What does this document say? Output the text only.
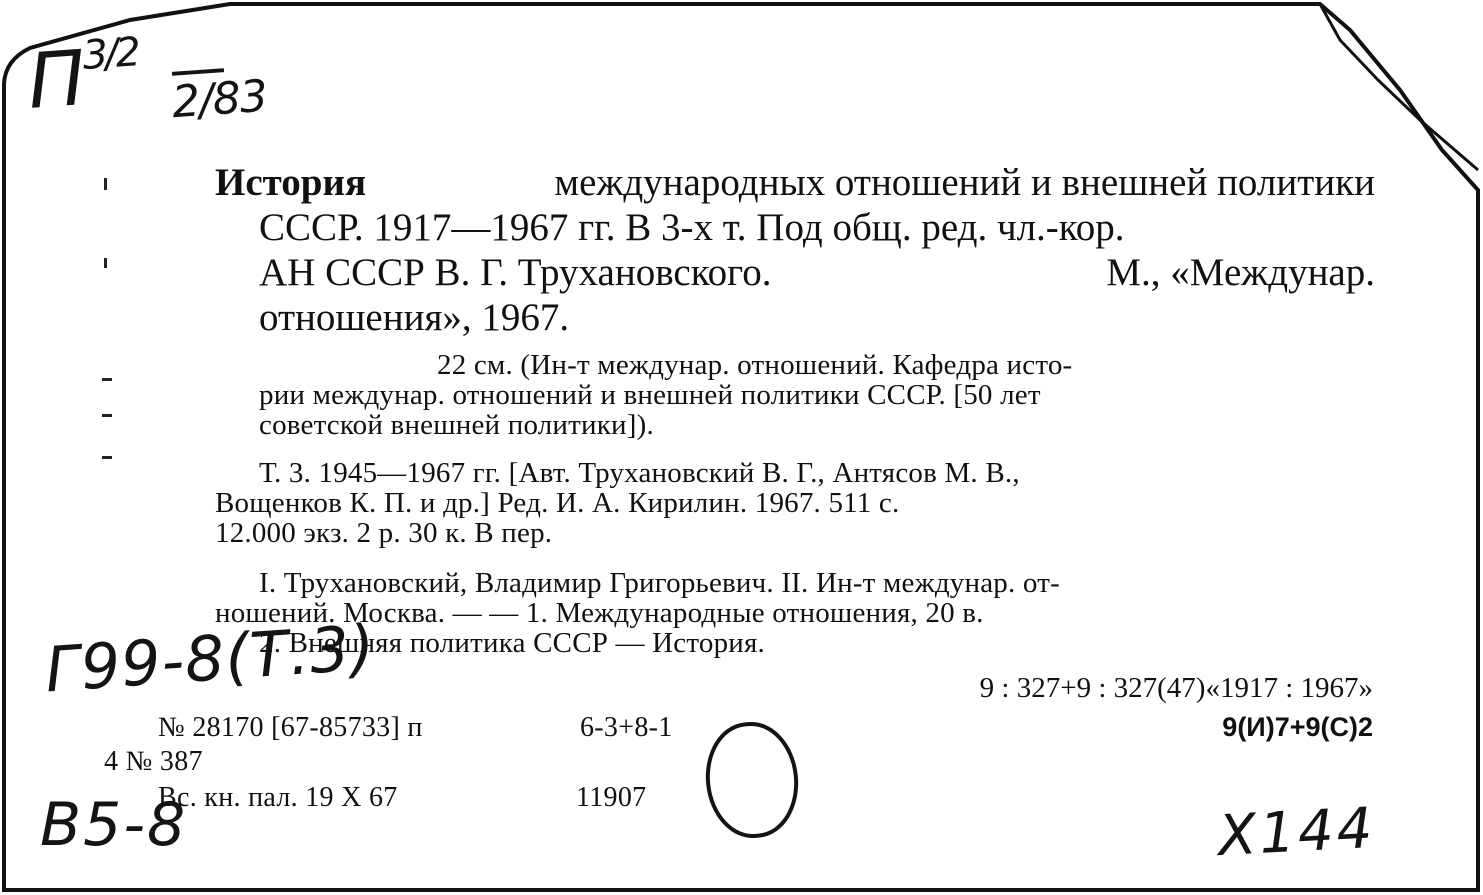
$П^{3/2}$
2/83
Г99-8(Т.3)
В5-8	Х144
История	международных отношений и внешней политики
СССР. 1917—1967 гг. В 3-х т. Под общ. ред. чл.-кор.
АН СССР В. Г. Трухановского.	М., «Междунар.
отношения», 1967.
22 см. (Ин-т междунар. отношений. Кафедра исто-
рии междунар. отношений и внешней политики СССР. [50 лет
советской внешней политики]).
Т. 3. 1945—1967 гг. [Авт. Трухановский В. Г., Антясов М. В.,
Вощенков К. П. и др.] Ред. И. А. Кирилин. 1967. 511 с.
12.000 экз. 2 р. 30 к. В пер.
I. Трухановский, Владимир Григорьевич. II. Ин-т междунар. от-
ношений. Москва. — — 1. Международные отношения, 20 в.
2. Внешняя политика СССР — История.
9 : 327+9 : 327(47)«1917 : 1967»
9(И)7+9(С)2
№ 28170 [67-85733] п	6-3+8-1
4 № 387
Вс. кн. пал. 19 X 67	11907
